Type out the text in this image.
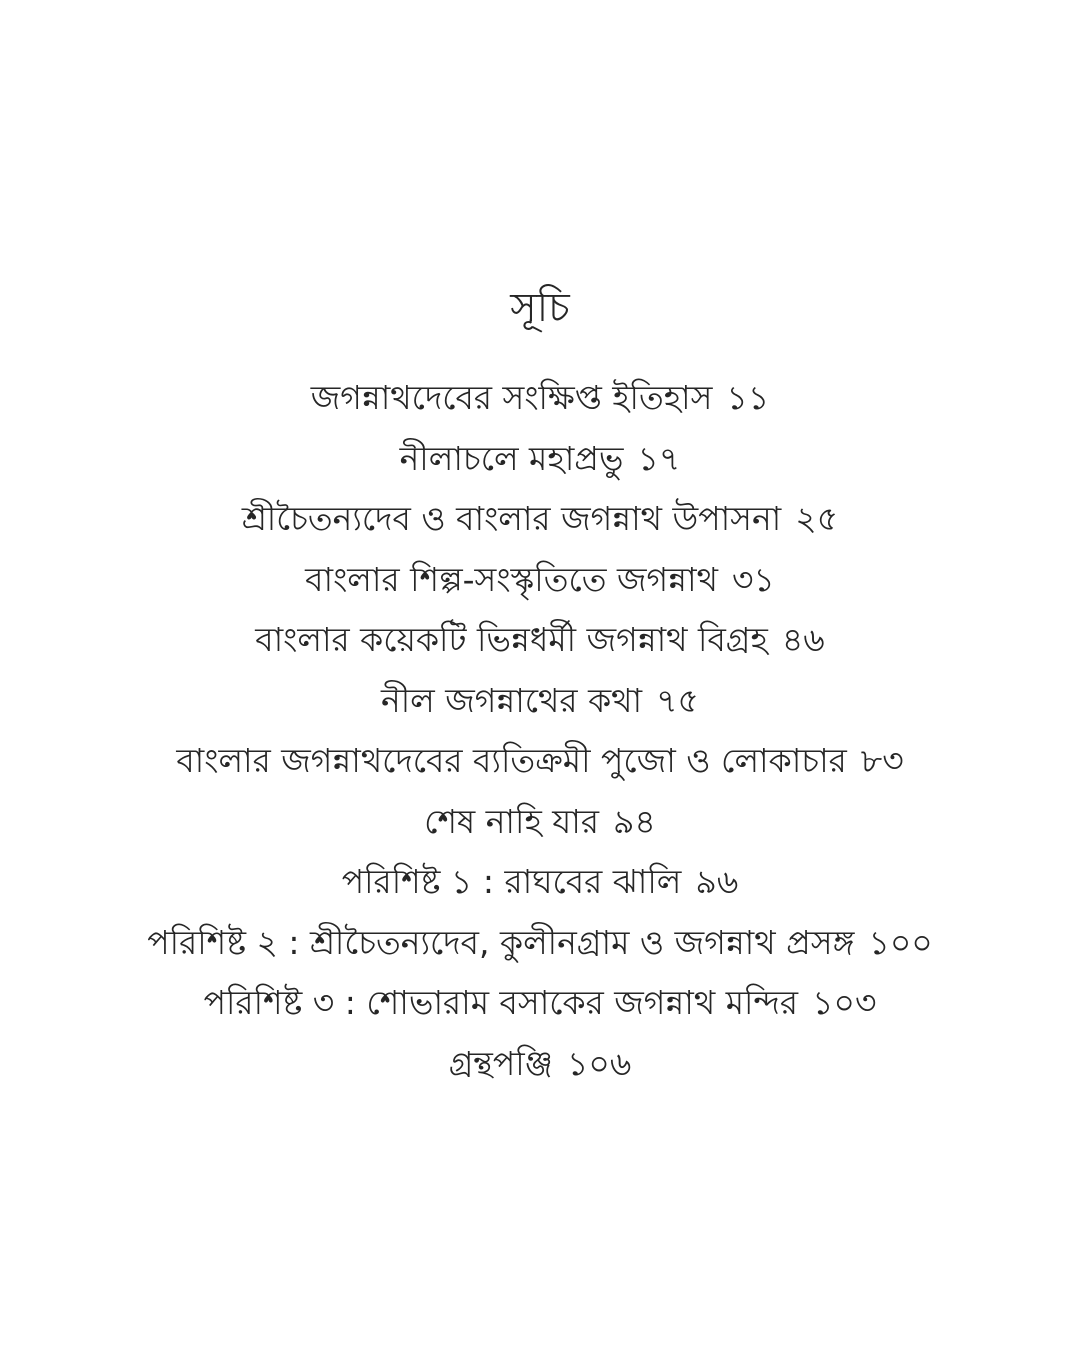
সূচি
জগন্নাথদেবের সংক্ষিপ্ত ইতিহাস ১১
নীলাচলে মহাপ্রভু ১৭
শ্রীচৈতন্যদেব ও বাংলার জগন্নাথ উপাসনা ২৫
বাংলার শিল্প-সংস্কৃতিতে জগন্নাথ ৩১
বাংলার কয়েকটি ভিন্নধর্মী জগন্নাথ বিগ্রহ ৪৬
নীল জগন্নাথের কথা ৭৫
বাংলার জগন্নাথদেবের ব্যতিক্রমী পুজো ও লোকাচার ৮৩
শেষ নাহি যার ৯৪
পরিশিষ্ট ১ : রাঘবের ঝালি ৯৬
পরিশিষ্ট ২ : শ্রীচৈতন্যদেব, কুলীনগ্রাম ও জগন্নাথ প্রসঙ্গ ১০০
পরিশিষ্ট ৩ : শোভারাম বসাকের জগন্নাথ মন্দির ১০৩
গ্রন্থপঞ্জি ১০৬
